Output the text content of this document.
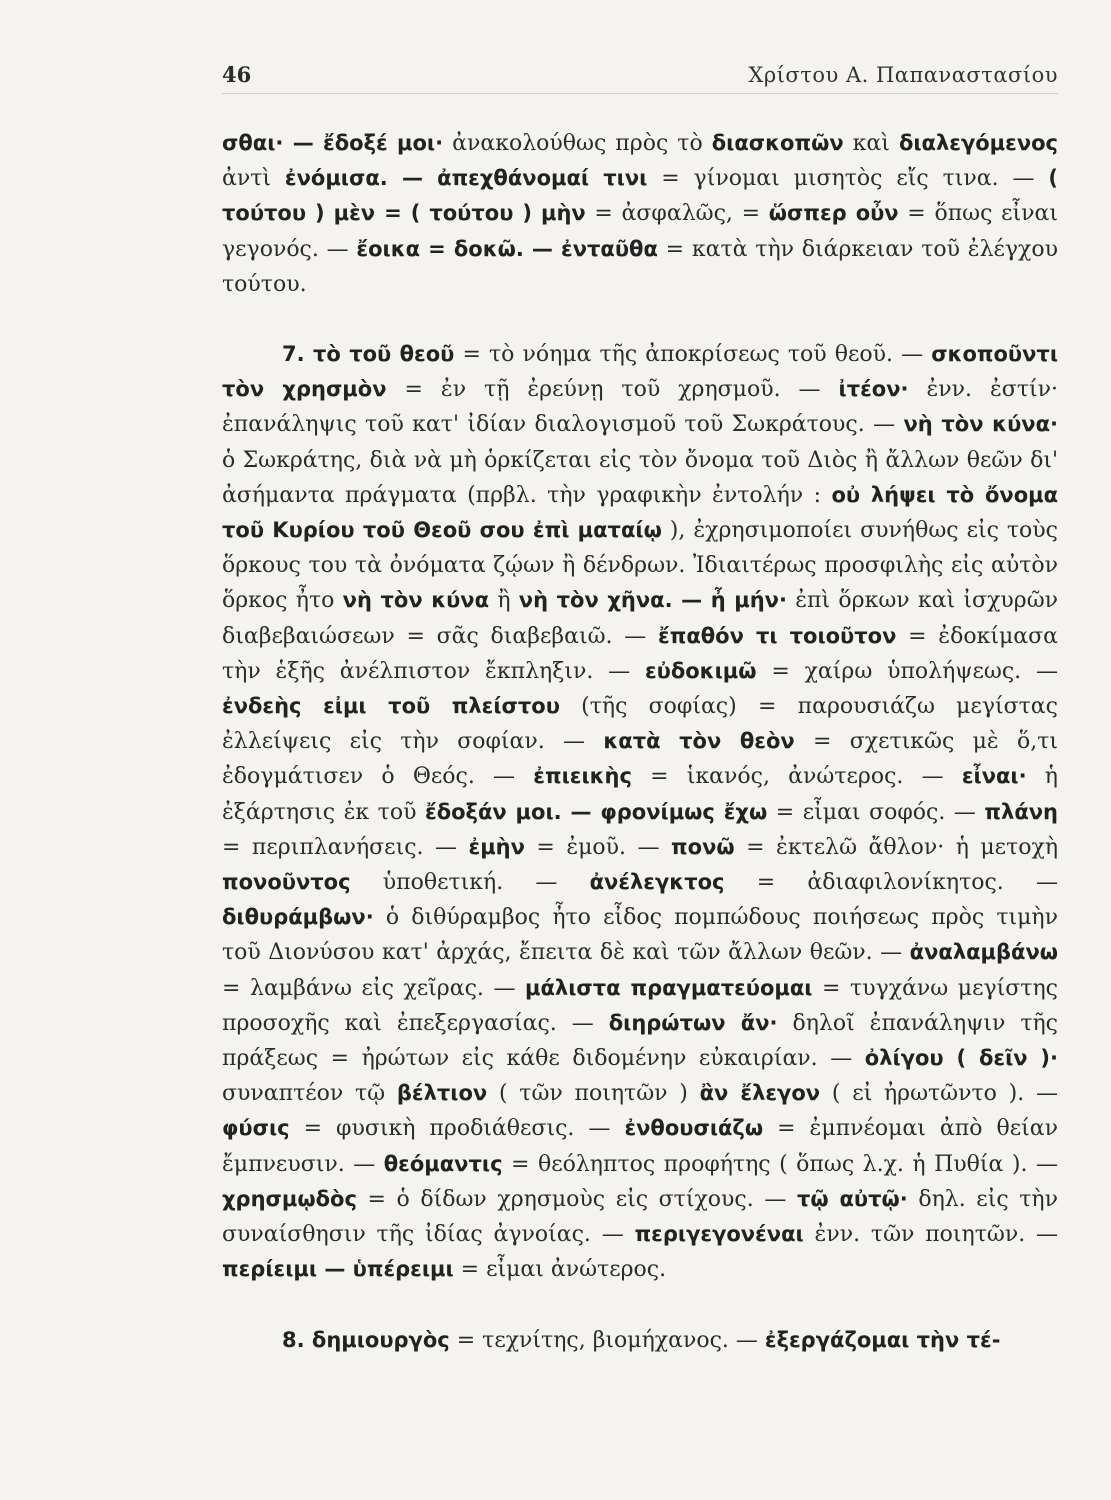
46	Χρίστου Α. Παπαναστασίου

σθαι· — ἔδοξέ μοι· ἀνακολούθως πρὸς τὸ διασκοπῶν καὶ διαλεγόμενος ἀντὶ ἐνόμισα. — ἀπεχθάνομαί τινι = γίνομαι μισητὸς εἴς τινα. — ( τούτου ) μὲν = ( τούτου ) μὴν = ἀσφαλῶς, = ὥσπερ οὖν = ὅπως εἶναι γεγονός. — ἔοικα = δοκῶ. — ἐνταῦθα = κατὰ τὴν διάρκειαν τοῦ ἐλέγχου τούτου.

7. τὸ τοῦ θεοῦ = τὸ νόημα τῆς ἀποκρίσεως τοῦ θεοῦ. — σκοποῦντι τὸν χρησμὸν = ἐν τῇ ἐρεύνῃ τοῦ χρησμοῦ. — ἰτέον· ἐνν. ἐστίν· ἐπανάληψις τοῦ κατ' ἰδίαν διαλογισμοῦ τοῦ Σωκράτους. — νὴ τὸν κύνα· ὁ Σωκράτης, διὰ νὰ μὴ ὁρκίζεται εἰς τὸν ὄνομα τοῦ Διὸς ἢ ἄλλων θεῶν δι' ἀσήμαντα πράγματα (πρβλ. τὴν γραφικὴν ἐντολήν : οὐ λήψει τὸ ὄνομα τοῦ Κυρίου τοῦ Θεοῦ σου ἐπὶ ματαίῳ ), ἐχρησιμοποίει συνήθως εἰς τοὺς ὅρκους του τὰ ὀνόματα ζῴων ἢ δένδρων. Ἰδιαιτέρως προσφιλὴς εἰς αὐτὸν ὅρκος ἦτο νὴ τὸν κύνα ἢ νὴ τὸν χῆνα. — ἦ μήν· ἐπὶ ὅρκων καὶ ἰσχυρῶν διαβεβαιώσεων = σᾶς διαβεβαιῶ. — ἔπαθόν τι τοιοῦτον = ἐδοκίμασα τὴν ἑξῆς ἀνέλπιστον ἔκπληξιν. — εὐδοκιμῶ = χαίρω ὑπολήψεως. — ἐνδεὴς εἰμι τοῦ πλείστου (τῆς σοφίας) = παρουσιάζω μεγίστας ἐλλείψεις εἰς τὴν σοφίαν. — κατὰ τὸν θεὸν = σχετικῶς μὲ ὅ,τι ἐδογμάτισεν ὁ Θεός. — ἐπιεικὴς = ἱκανός, ἀνώτερος. — εἶναι· ἡ ἐξάρτησις ἐκ τοῦ ἔδοξάν μοι. — φρονίμως ἔχω = εἶμαι σοφός. — πλάνη = περιπλανήσεις. — ἐμὴν = ἐμοῦ. — πονῶ = ἐκτελῶ ἄθλον· ἡ μετοχὴ πονοῦντος ὑποθετική. — ἀνέλεγκτος = ἀδιαφιλονίκητος. — διθυράμβων· ὁ διθύραμβος ἦτο εἶδος πομπώδους ποιήσεως πρὸς τιμὴν τοῦ Διονύσου κατ' ἀρχάς, ἔπειτα δὲ καὶ τῶν ἄλλων θεῶν. — ἀναλαμβάνω = λαμβάνω εἰς χεῖρας. — μάλιστα πραγματεύομαι = τυγχάνω μεγίστης προσοχῆς καὶ ἐπεξεργασίας. — διηρώτων ἄν· δηλοῖ ἐπανάληψιν τῆς πράξεως = ἠρώτων εἰς κάθε διδομένην εὐκαιρίαν. — ὀλίγου ( δεῖν )· συναπτέον τῷ βέλτιον ( τῶν ποιητῶν ) ἂν ἔλεγον ( εἰ ἠρωτῶντο ). — φύσις = φυσικὴ προδιάθεσις. — ἐνθουσιάζω = ἐμπνέομαι ἀπὸ θείαν ἔμπνευσιν. — θεόμαντις = θεόληπτος προφήτης ( ὅπως λ.χ. ἡ Πυθία ). — χρησμῳδὸς = ὁ δίδων χρησμοὺς εἰς στίχους. — τῷ αὐτῷ· δηλ. εἰς τὴν συναίσθησιν τῆς ἰδίας ἀγνοίας. — περιγεγονέναι ἐνν. τῶν ποιητῶν. — περίειμι — ὑπέρειμι = εἶμαι ἀνώτερος.

8. δημιουργὸς = τεχνίτης, βιομήχανος. — ἐξεργάζομαι τὴν τέ-
